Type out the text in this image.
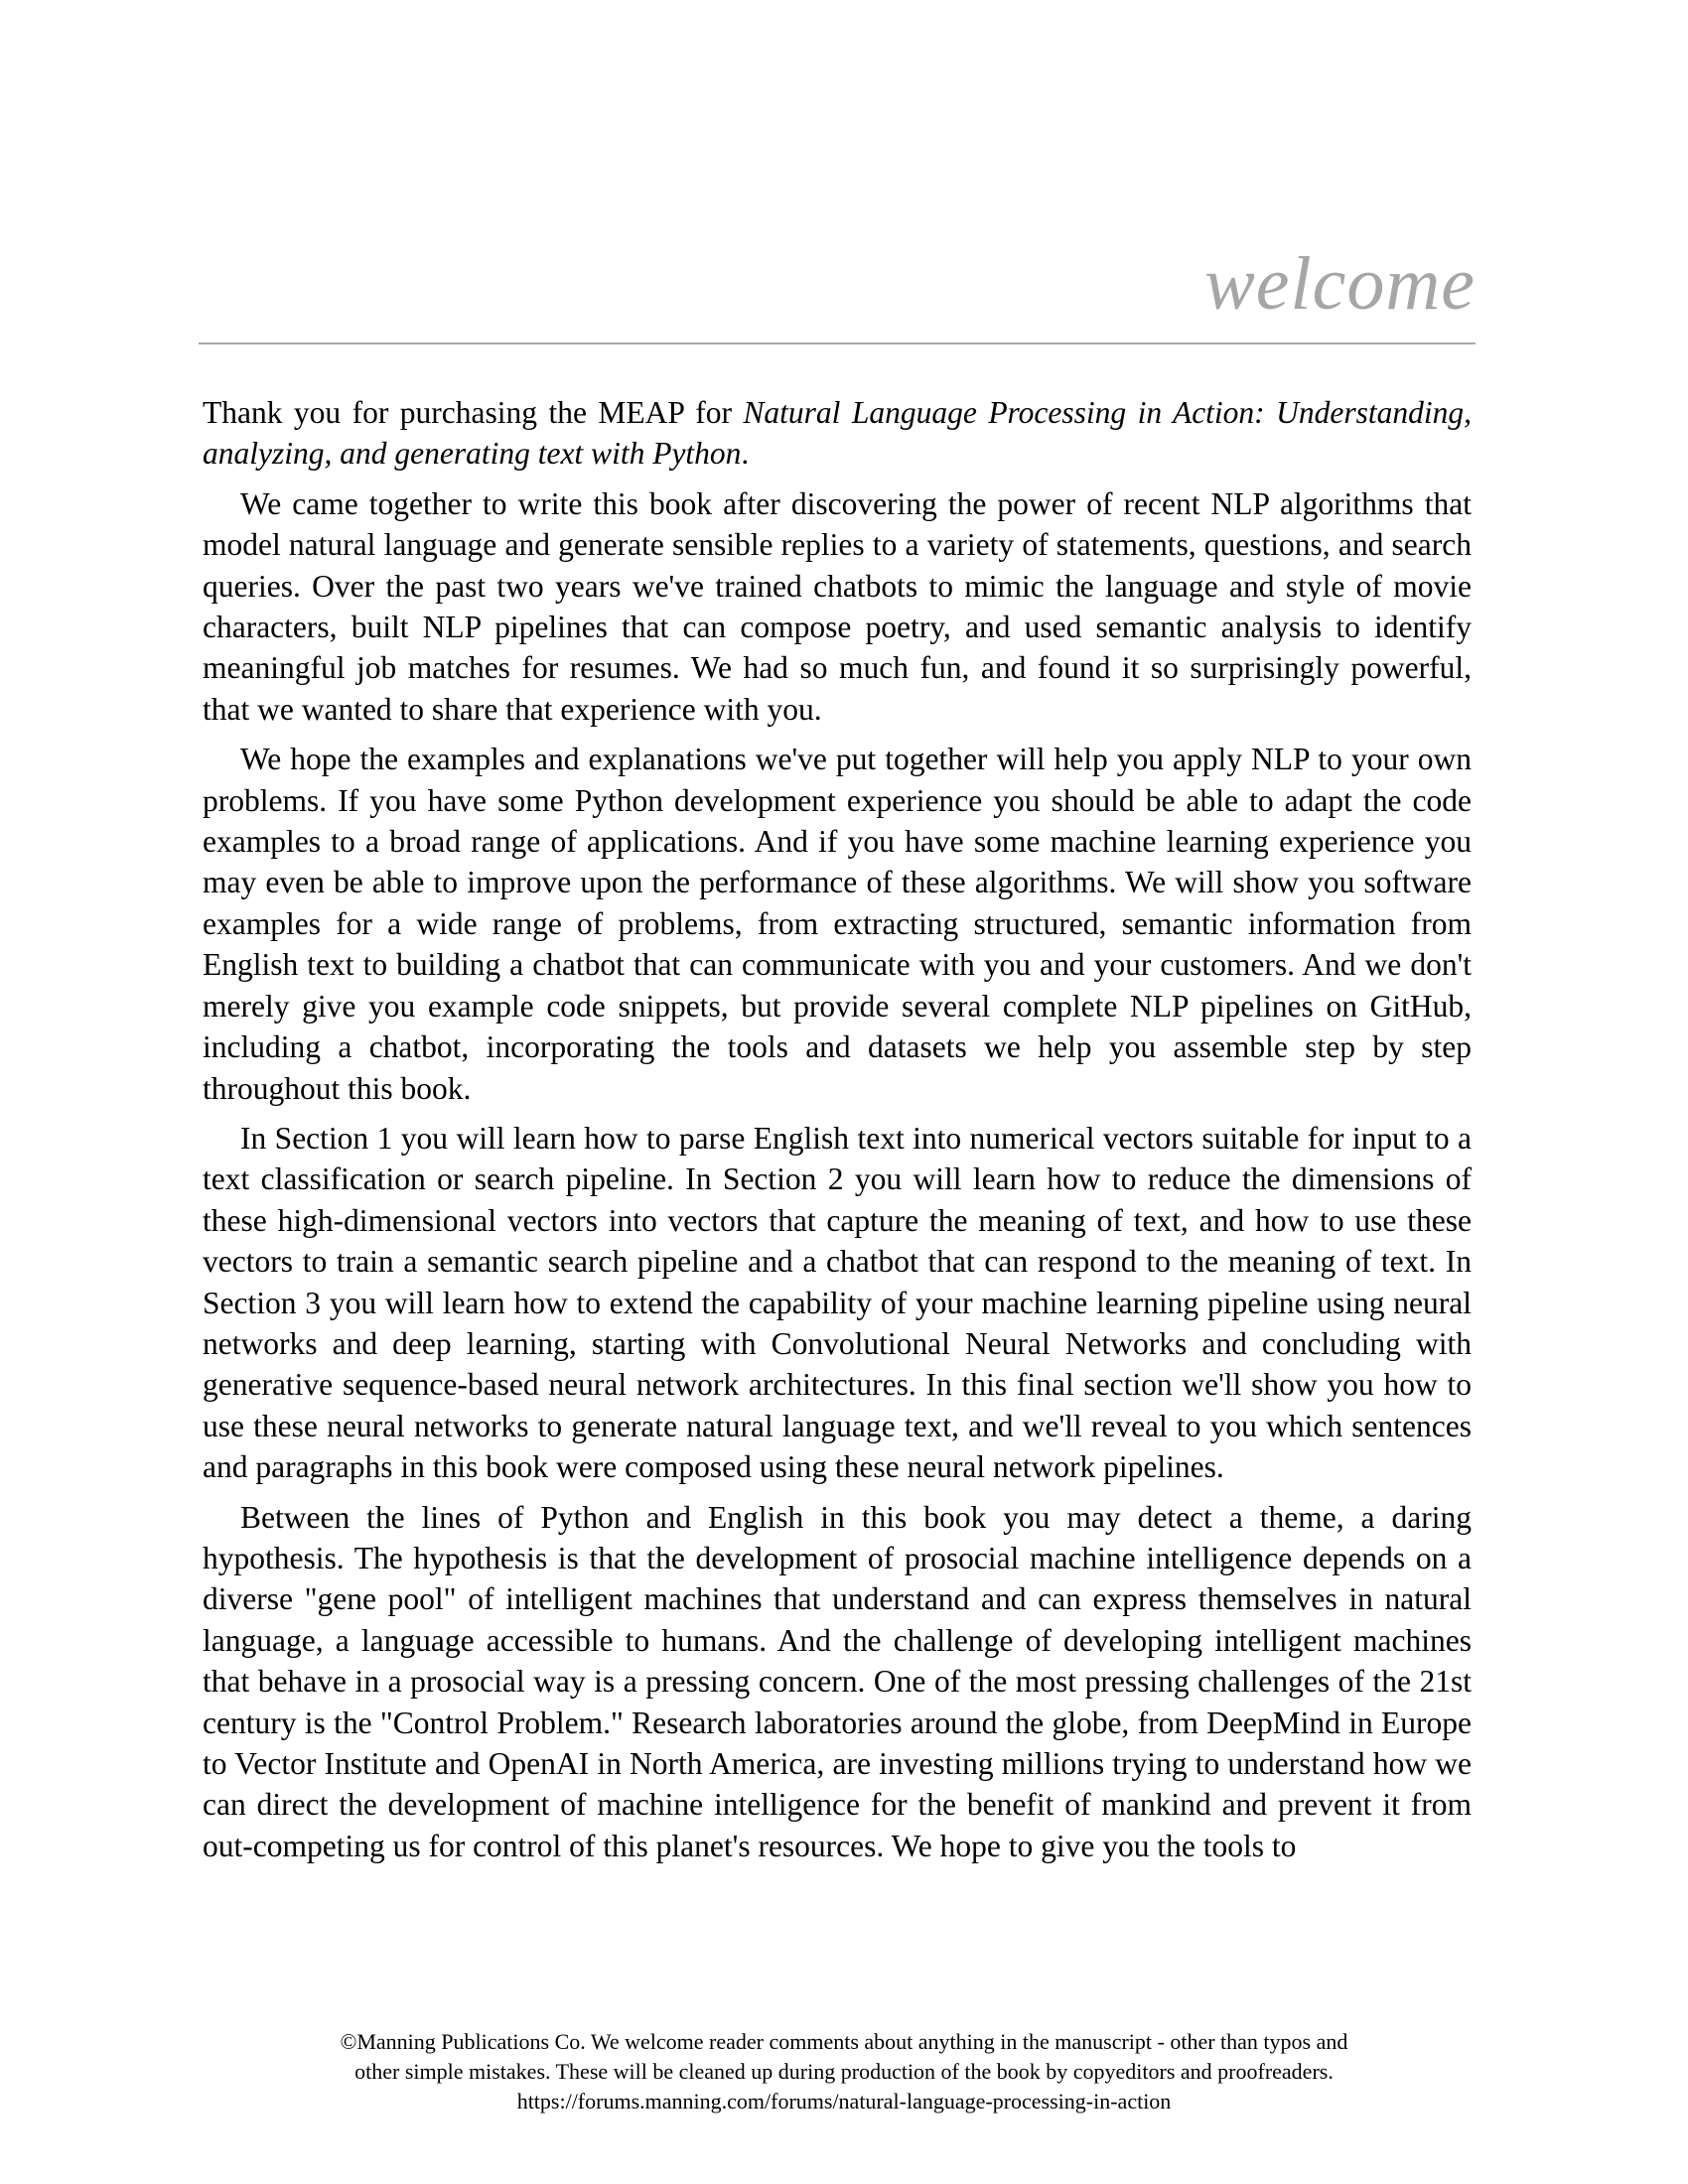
welcome

Thank you for purchasing the MEAP for Natural Language Processing in Action: Understanding, analyzing, and generating text with Python.

We came together to write this book after discovering the power of recent NLP algorithms that model natural language and generate sensible replies to a variety of statements, questions, and search queries. Over the past two years we've trained chatbots to mimic the language and style of movie characters, built NLP pipelines that can compose poetry, and used semantic analysis to identify meaningful job matches for resumes. We had so much fun, and found it so surprisingly powerful, that we wanted to share that experience with you.

We hope the examples and explanations we've put together will help you apply NLP to your own problems. If you have some Python development experience you should be able to adapt the code examples to a broad range of applications. And if you have some machine learning experience you may even be able to improve upon the performance of these algorithms. We will show you software examples for a wide range of problems, from extracting structured, semantic information from English text to building a chatbot that can communicate with you and your customers. And we don't merely give you example code snippets, but provide several complete NLP pipelines on GitHub, including a chatbot, incorporating the tools and datasets we help you assemble step by step throughout this book.

In Section 1 you will learn how to parse English text into numerical vectors suitable for input to a text classification or search pipeline. In Section 2 you will learn how to reduce the dimensions of these high-dimensional vectors into vectors that capture the meaning of text, and how to use these vectors to train a semantic search pipeline and a chatbot that can respond to the meaning of text. In Section 3 you will learn how to extend the capability of your machine learning pipeline using neural networks and deep learning, starting with Convolutional Neural Networks and concluding with generative sequence-based neural network architectures. In this final section we'll show you how to use these neural networks to generate natural language text, and we'll reveal to you which sentences and paragraphs in this book were composed using these neural network pipelines.

Between the lines of Python and English in this book you may detect a theme, a daring hypothesis. The hypothesis is that the development of prosocial machine intelligence depends on a diverse "gene pool" of intelligent machines that understand and can express themselves in natural language, a language accessible to humans. And the challenge of developing intelligent machines that behave in a prosocial way is a pressing concern. One of the most pressing challenges of the 21st century is the "Control Problem." Research laboratories around the globe, from DeepMind in Europe to Vector Institute and OpenAI in North America, are investing millions trying to understand how we can direct the development of machine intelligence for the benefit of mankind and prevent it from out-competing us for control of this planet's resources. We hope to give you the tools to

©Manning Publications Co. We welcome reader comments about anything in the manuscript - other than typos and
other simple mistakes. These will be cleaned up during production of the book by copyeditors and proofreaders.
https://forums.manning.com/forums/natural-language-processing-in-action
